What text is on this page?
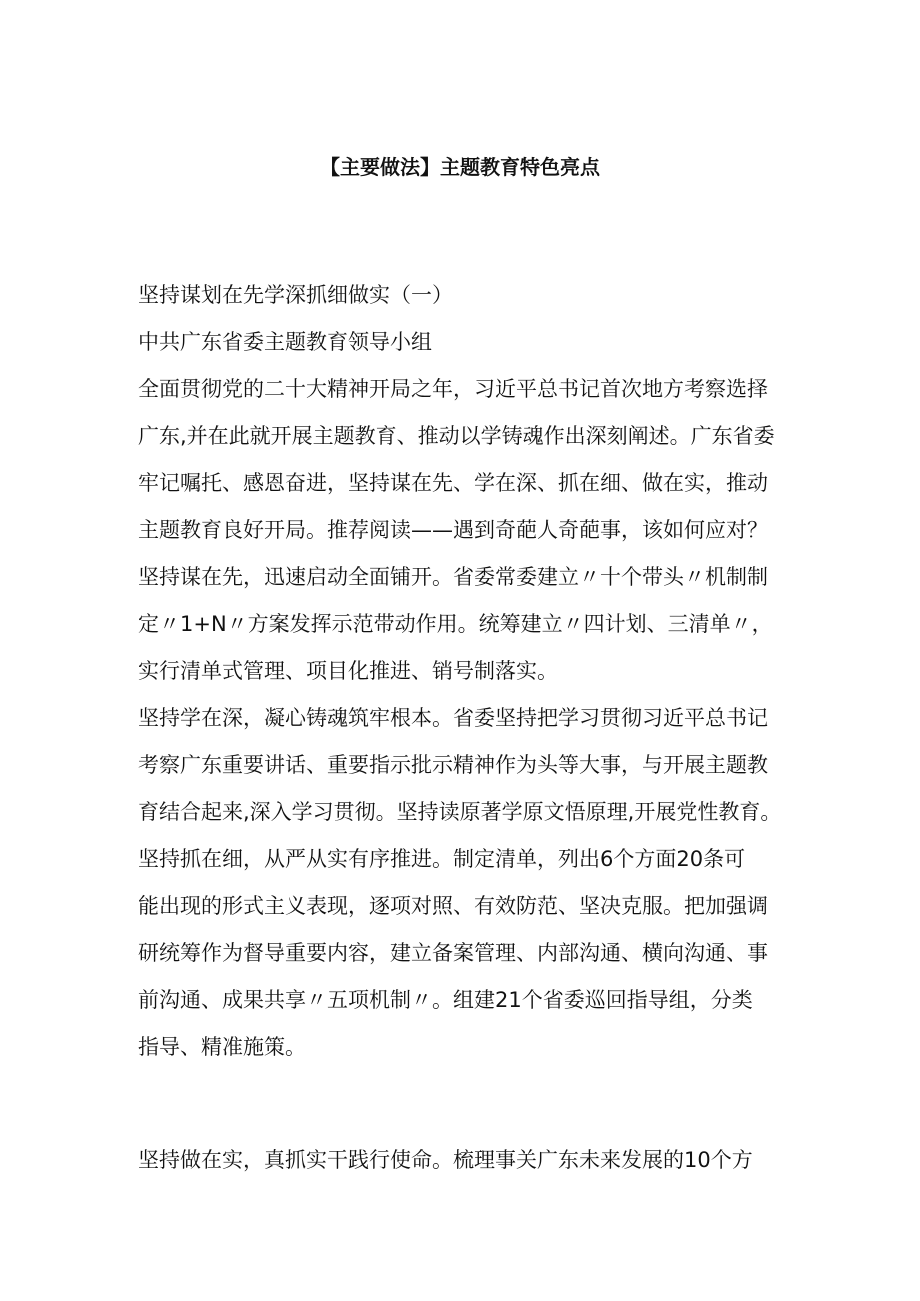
【主要做法】主题教育特色亮点
坚持谋划在先学深抓细做实（一）
中共广东省委主题教育领导小组
全面贯彻党的二十大精神开局之年，习近平总书记首次地方考察选择
广东,并在此就开展主题教育、推动以学铸魂作出深刻阐述。广东省委
牢记嘱托、感恩奋进，坚持谋在先、学在深、抓在细、做在实，推动
主题教育良好开局。推荐阅读——遇到奇葩人奇葩事，该如何应对？
坚持谋在先，迅速启动全面铺开。省委常委建立〃十个带头〃机制制
定〃1+N〃方案发挥示范带动作用。统筹建立〃四计划、三清单〃，
实行清单式管理、项目化推进、销号制落实。
坚持学在深，凝心铸魂筑牢根本。省委坚持把学习贯彻习近平总书记
考察广东重要讲话、重要指示批示精神作为头等大事，与开展主题教
育结合起来,深入学习贯彻。坚持读原著学原文悟原理,开展党性教育。
坚持抓在细，从严从实有序推进。制定清单，列出6个方面20条可
能出现的形式主义表现，逐项对照、有效防范、坚决克服。把加强调
研统筹作为督导重要内容，建立备案管理、内部沟通、横向沟通、事
前沟通、成果共享〃五项机制〃。组建21个省委巡回指导组，分类
指导、精准施策。
坚持做在实，真抓实干践行使命。梳理事关广东未来发展的10个方
